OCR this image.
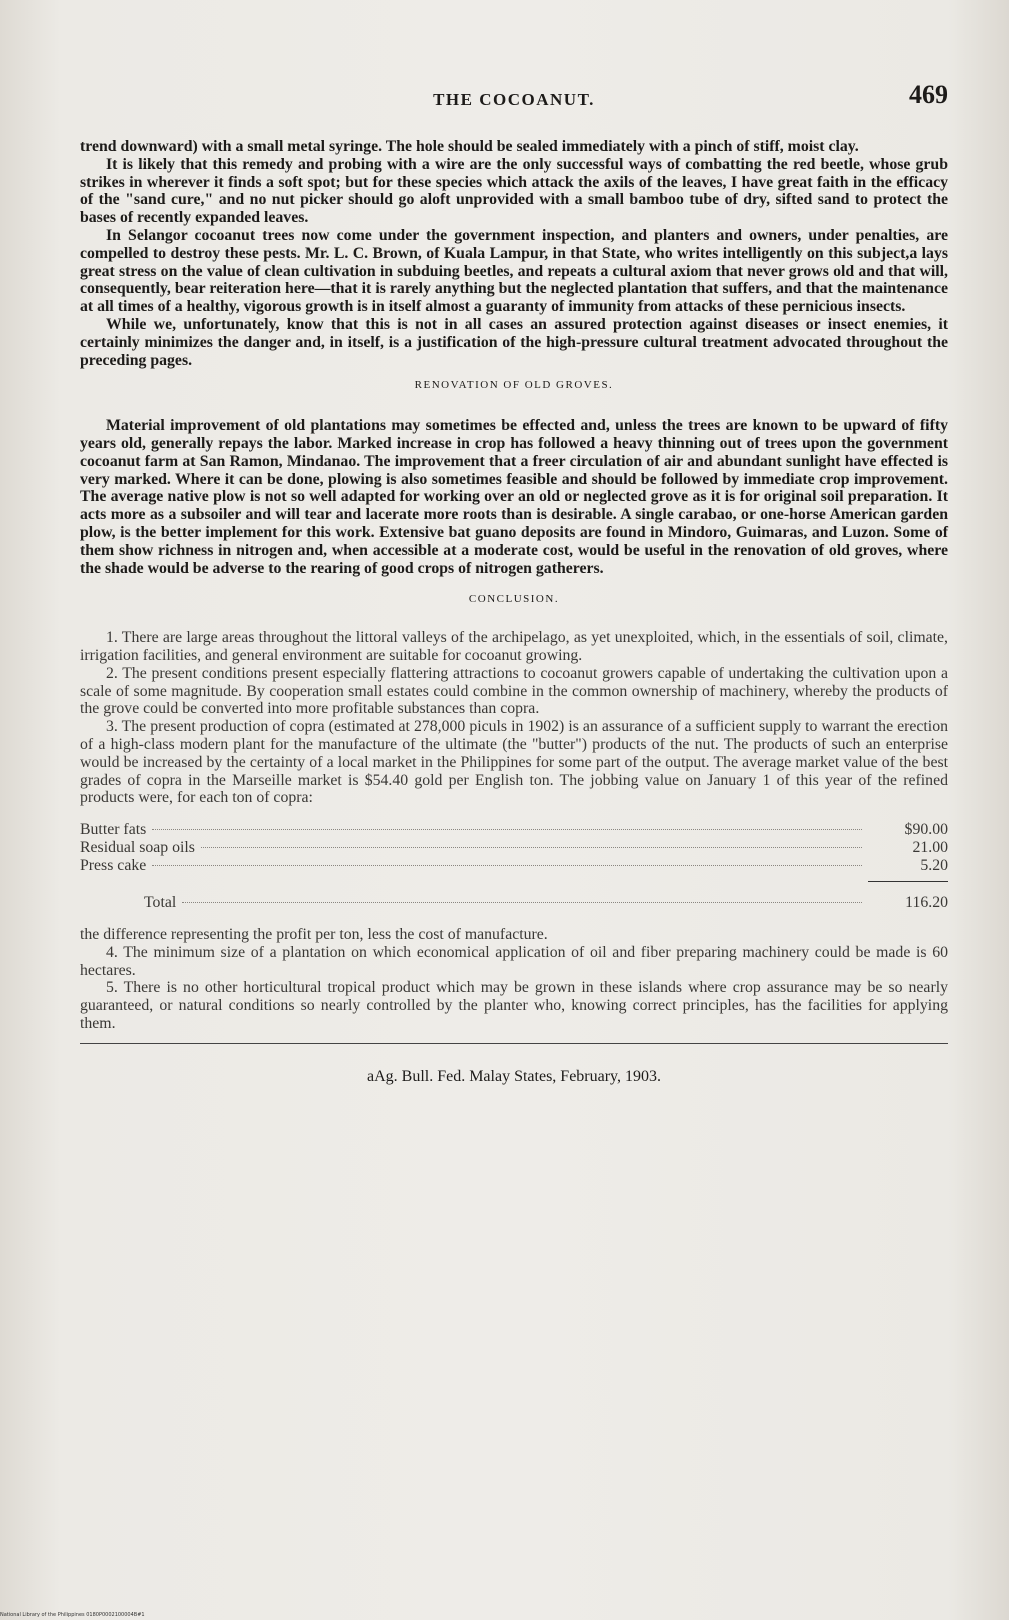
THE COCOANUT.	469

trend downward) with a small metal syringe. The hole should be sealed immediately with a pinch of stiff, moist clay.

It is likely that this remedy and probing with a wire are the only successful ways of combatting the red beetle, whose grub strikes in wherever it finds a soft spot; but for these species which attack the axils of the leaves, I have great faith in the efficacy of the "sand cure," and no nut picker should go aloft unprovided with a small bamboo tube of dry, sifted sand to protect the bases of recently expanded leaves.

In Selangor cocoanut trees now come under the government inspection, and planters and owners, under penalties, are compelled to destroy these pests. Mr. L. C. Brown, of Kuala Lampur, in that State, who writes intelligently on this subject,a lays great stress on the value of clean cultivation in subduing beetles, and repeats a cultural axiom that never grows old and that will, consequently, bear reiteration here—that it is rarely anything but the neglected plantation that suffers, and that the maintenance at all times of a healthy, vigorous growth is in itself almost a guaranty of immunity from attacks of these pernicious insects.

While we, unfortunately, know that this is not in all cases an assured protection against diseases or insect enemies, it certainly minimizes the danger and, in itself, is a justification of the high-pressure cultural treatment advocated throughout the preceding pages.

RENOVATION OF OLD GROVES.

Material improvement of old plantations may sometimes be effected and, unless the trees are known to be upward of fifty years old, generally repays the labor. Marked increase in crop has followed a heavy thinning out of trees upon the government cocoanut farm at San Ramon, Mindanao. The improvement that a freer circulation of air and abundant sunlight have effected is very marked. Where it can be done, plowing is also sometimes feasible and should be followed by immediate crop improvement. The average native plow is not so well adapted for working over an old or neglected grove as it is for original soil preparation. It acts more as a subsoiler and will tear and lacerate more roots than is desirable. A single carabao, or one-horse American garden plow, is the better implement for this work. Extensive bat guano deposits are found in Mindoro, Guimaras, and Luzon. Some of them show richness in nitrogen and, when accessible at a moderate cost, would be useful in the renovation of old groves, where the shade would be adverse to the rearing of good crops of nitrogen gatherers.

CONCLUSION.

1. There are large areas throughout the littoral valleys of the archipelago, as yet unexploited, which, in the essentials of soil, climate, irrigation facilities, and general environment are suitable for cocoanut growing.

2. The present conditions present especially flattering attractions to cocoanut growers capable of undertaking the cultivation upon a scale of some magnitude. By cooperation small estates could combine in the common ownership of machinery, whereby the products of the grove could be converted into more profitable substances than copra.

3. The present production of copra (estimated at 278,000 piculs in 1902) is an assurance of a sufficient supply to warrant the erection of a high-class modern plant for the manufacture of the ultimate (the "butter") products of the nut. The products of such an enterprise would be increased by the certainty of a local market in the Philippines for some part of the output. The average market value of the best grades of copra in the Marseille market is $54.40 gold per English ton. The jobbing value on January 1 of this year of the refined products were, for each ton of copra:

Butter fats	$90.00
Residual soap oils	21.00
Press cake	5.20
Total	116.20

the difference representing the profit per ton, less the cost of manufacture.

4. The minimum size of a plantation on which economical application of oil and fiber preparing machinery could be made is 60 hectares.

5. There is no other horticultural tropical product which may be grown in these islands where crop assurance may be so nearly guaranteed, or natural conditions so nearly controlled by the planter who, knowing correct principles, has the facilities for applying them.

aAg. Bull. Fed. Malay States, February, 1903.
National Library of the Philippines 0180P0002100004B#1
